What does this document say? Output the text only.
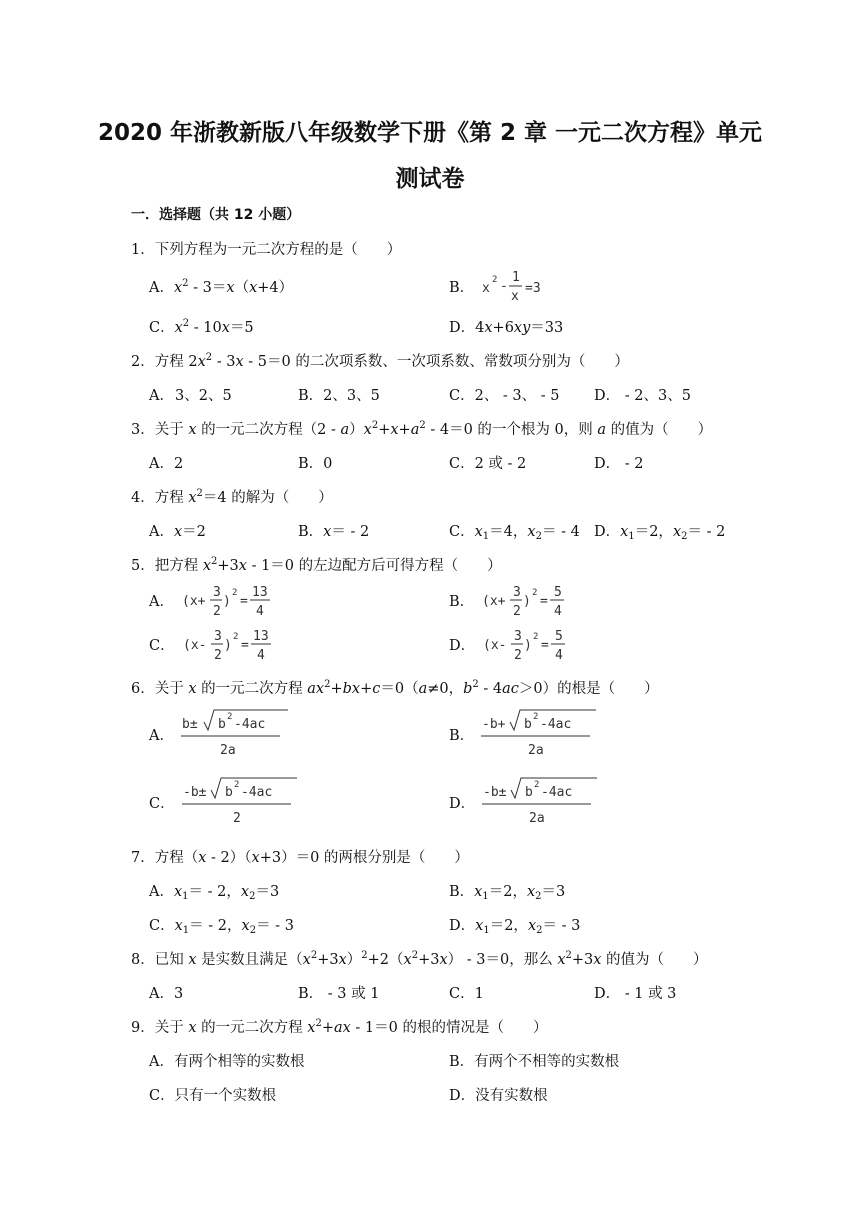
2020 年浙教新版八年级数学下册《第 2 章 一元二次方程》单元
测试卷
一．选择题（共 12 小题）
1．下列方程为一元二次方程的是（　　）
A．$x^2 - 3=x(x+4)$	B． x
2 -
1
x
=3
C．$x^2 - 10x=5$	D．4x+6xy＝33
2．方程 $2x^2 - 3x - 5=0$ 的二次项系数、一次项系数、常数项分别为（　　）
A． 3、2、5	B．2、3、5	C．2、 - 3、 - 5 D． - 2、3、5
3．关于 x 的一元二次方程$(2 - a)x^2+x+a^2 - 4=0$ 的一个根为 0，则 a 的值为（　　）
A．2	B．0	C．2 或 - 2	D． - 2
4．方程 $x^2=4$ 的解为（　　）
A．x＝2	B．x＝ - 2	C．$x_1=4$，$x_2= - 4$ D．$x_1=2$，$x_2= - 2$
5．把方程 $x^2+3x - 1=0$ 的左边配方后可得方程（　　）
A． (x+
3
2
)
2
=
13
4
B． (x+
3
2
)
2
=
5
4
C． (x-
3
2
)
2
=
13
4
D． (x-
3
2
)
2
=
5
4
6．关于 x 的一元二次方程 $ax^2+bx+c=0(a\ne 0$，$b^2 - 4ac>0$）的根是（　　）
A．
b± b 2 -4ac
2a
B．
-b+ b 2 -4ac
2a
C．
-b± b 2 -4ac
2
D．
-b± b 2 -4ac
2a
7．方程（x - 2）（x+3）＝0 的两根分别是（　　）
A．$x_1= - 2$，$x_2=3$	B．$x_1=2$，$x_2=3$
C．$x_1= - 2$，$x_2= - 3$	D．$x_1=2$，$x_2= - 3$
8．已知 x 是实数且满足$(x^2+3x)^2+2(x^2+3x) - 3=0$，那么 $x^2+3x$ 的值为（　　）
A．3	B． - 3 或 1	C．1	D． - 1 或 3
9．关于 x 的一元二次方程 $x^2+ax - 1=0$ 的根的情况是（　　）
A．有两个相等的实数根	B．有两个不相等的实数根
C．只有一个实数根	D．没有实数根
